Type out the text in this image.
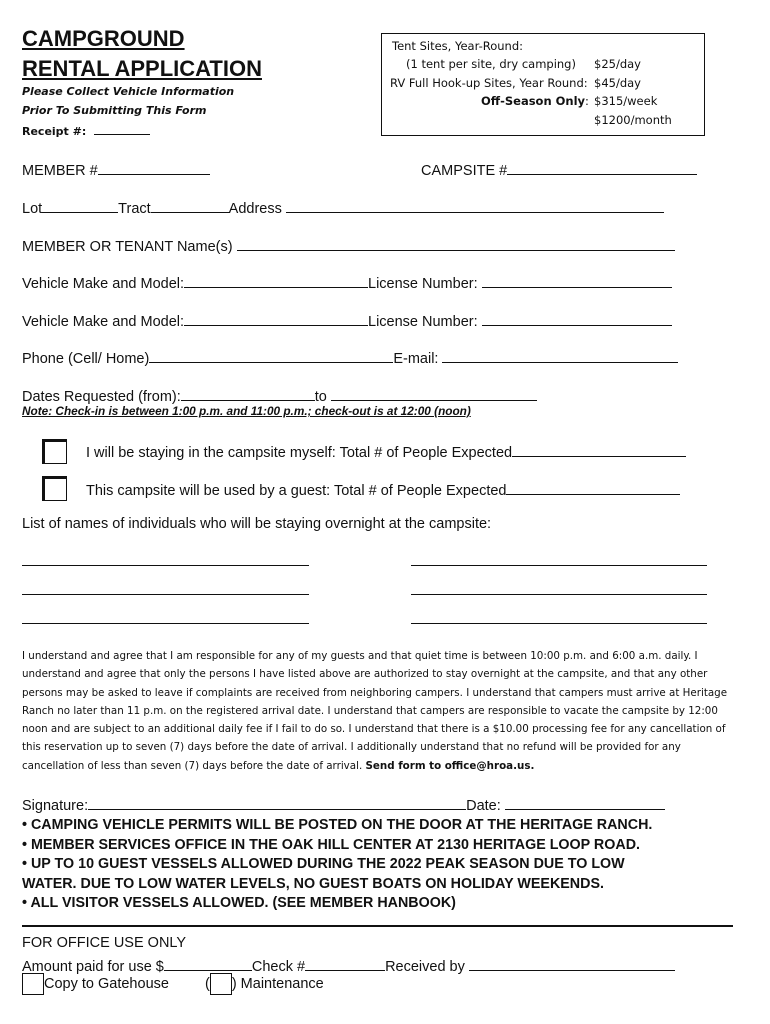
CAMPGROUND
RENTAL APPLICATION
Please Collect Vehicle Information
Prior To Submitting This Form
Receipt #:
Tent Sites, Year-Round:
(1 tent per site, dry camping) $25/day
RV Full Hook-up Sites, Year Round: $45/day
Off-Season Only: $315/week
$1200/month
MEMBER #	CAMPSITE #
Lot	Tract	Address
MEMBER OR TENANT Name(s)
Vehicle Make and Model:	License Number:
Vehicle Make and Model:	License Number:
Phone (Cell/ Home)	E-mail:
Dates Requested (from):	to
Note: Check-in is between 1:00 p.m. and 11:00 p.m.; check-out is at 12:00 (noon)
I will be staying in the campsite myself: Total # of People Expected
This campsite will be used by a guest: Total # of People Expected
List of names of individuals who will be staying overnight at the campsite:
I understand and agree that I am responsible for any of my guests and that quiet time is between 10:00 p.m. and 6:00 a.m. daily. I understand and agree that only the persons I have listed above are authorized to stay overnight at the campsite, and that any other persons may be asked to leave if complaints are received from neighboring campers. I understand that campers must arrive at Heritage Ranch no later than 11 p.m. on the registered arrival date. I understand that campers are responsible to vacate the campsite by 12:00 noon and are subject to an additional daily fee if I fail to do so. I understand that there is a $10.00 processing fee for any cancellation of this reservation up to seven (7) days before the date of arrival. I additionally understand that no refund will be provided for any cancellation of less than seven (7) days before the date of arrival. Send form to office@hroa.us.
Signature:	Date:
• CAMPING VEHICLE PERMITS WILL BE POSTED ON THE DOOR AT THE HERITAGE RANCH.
• MEMBER SERVICES OFFICE IN THE OAK HILL CENTER AT 2130 HERITAGE LOOP ROAD.
• UP TO 10 GUEST VESSELS ALLOWED DURING THE 2022 PEAK SEASON DUE TO LOW
WATER. DUE TO LOW WATER LEVELS, NO GUEST BOATS ON HOLIDAY WEEKENDS.
• ALL VISITOR VESSELS ALLOWED. (SEE MEMBER HANBOOK)
FOR OFFICE USE ONLY
Amount paid for use $	Check #	Received by
Copy to Gatehouse ( ) Maintenance
